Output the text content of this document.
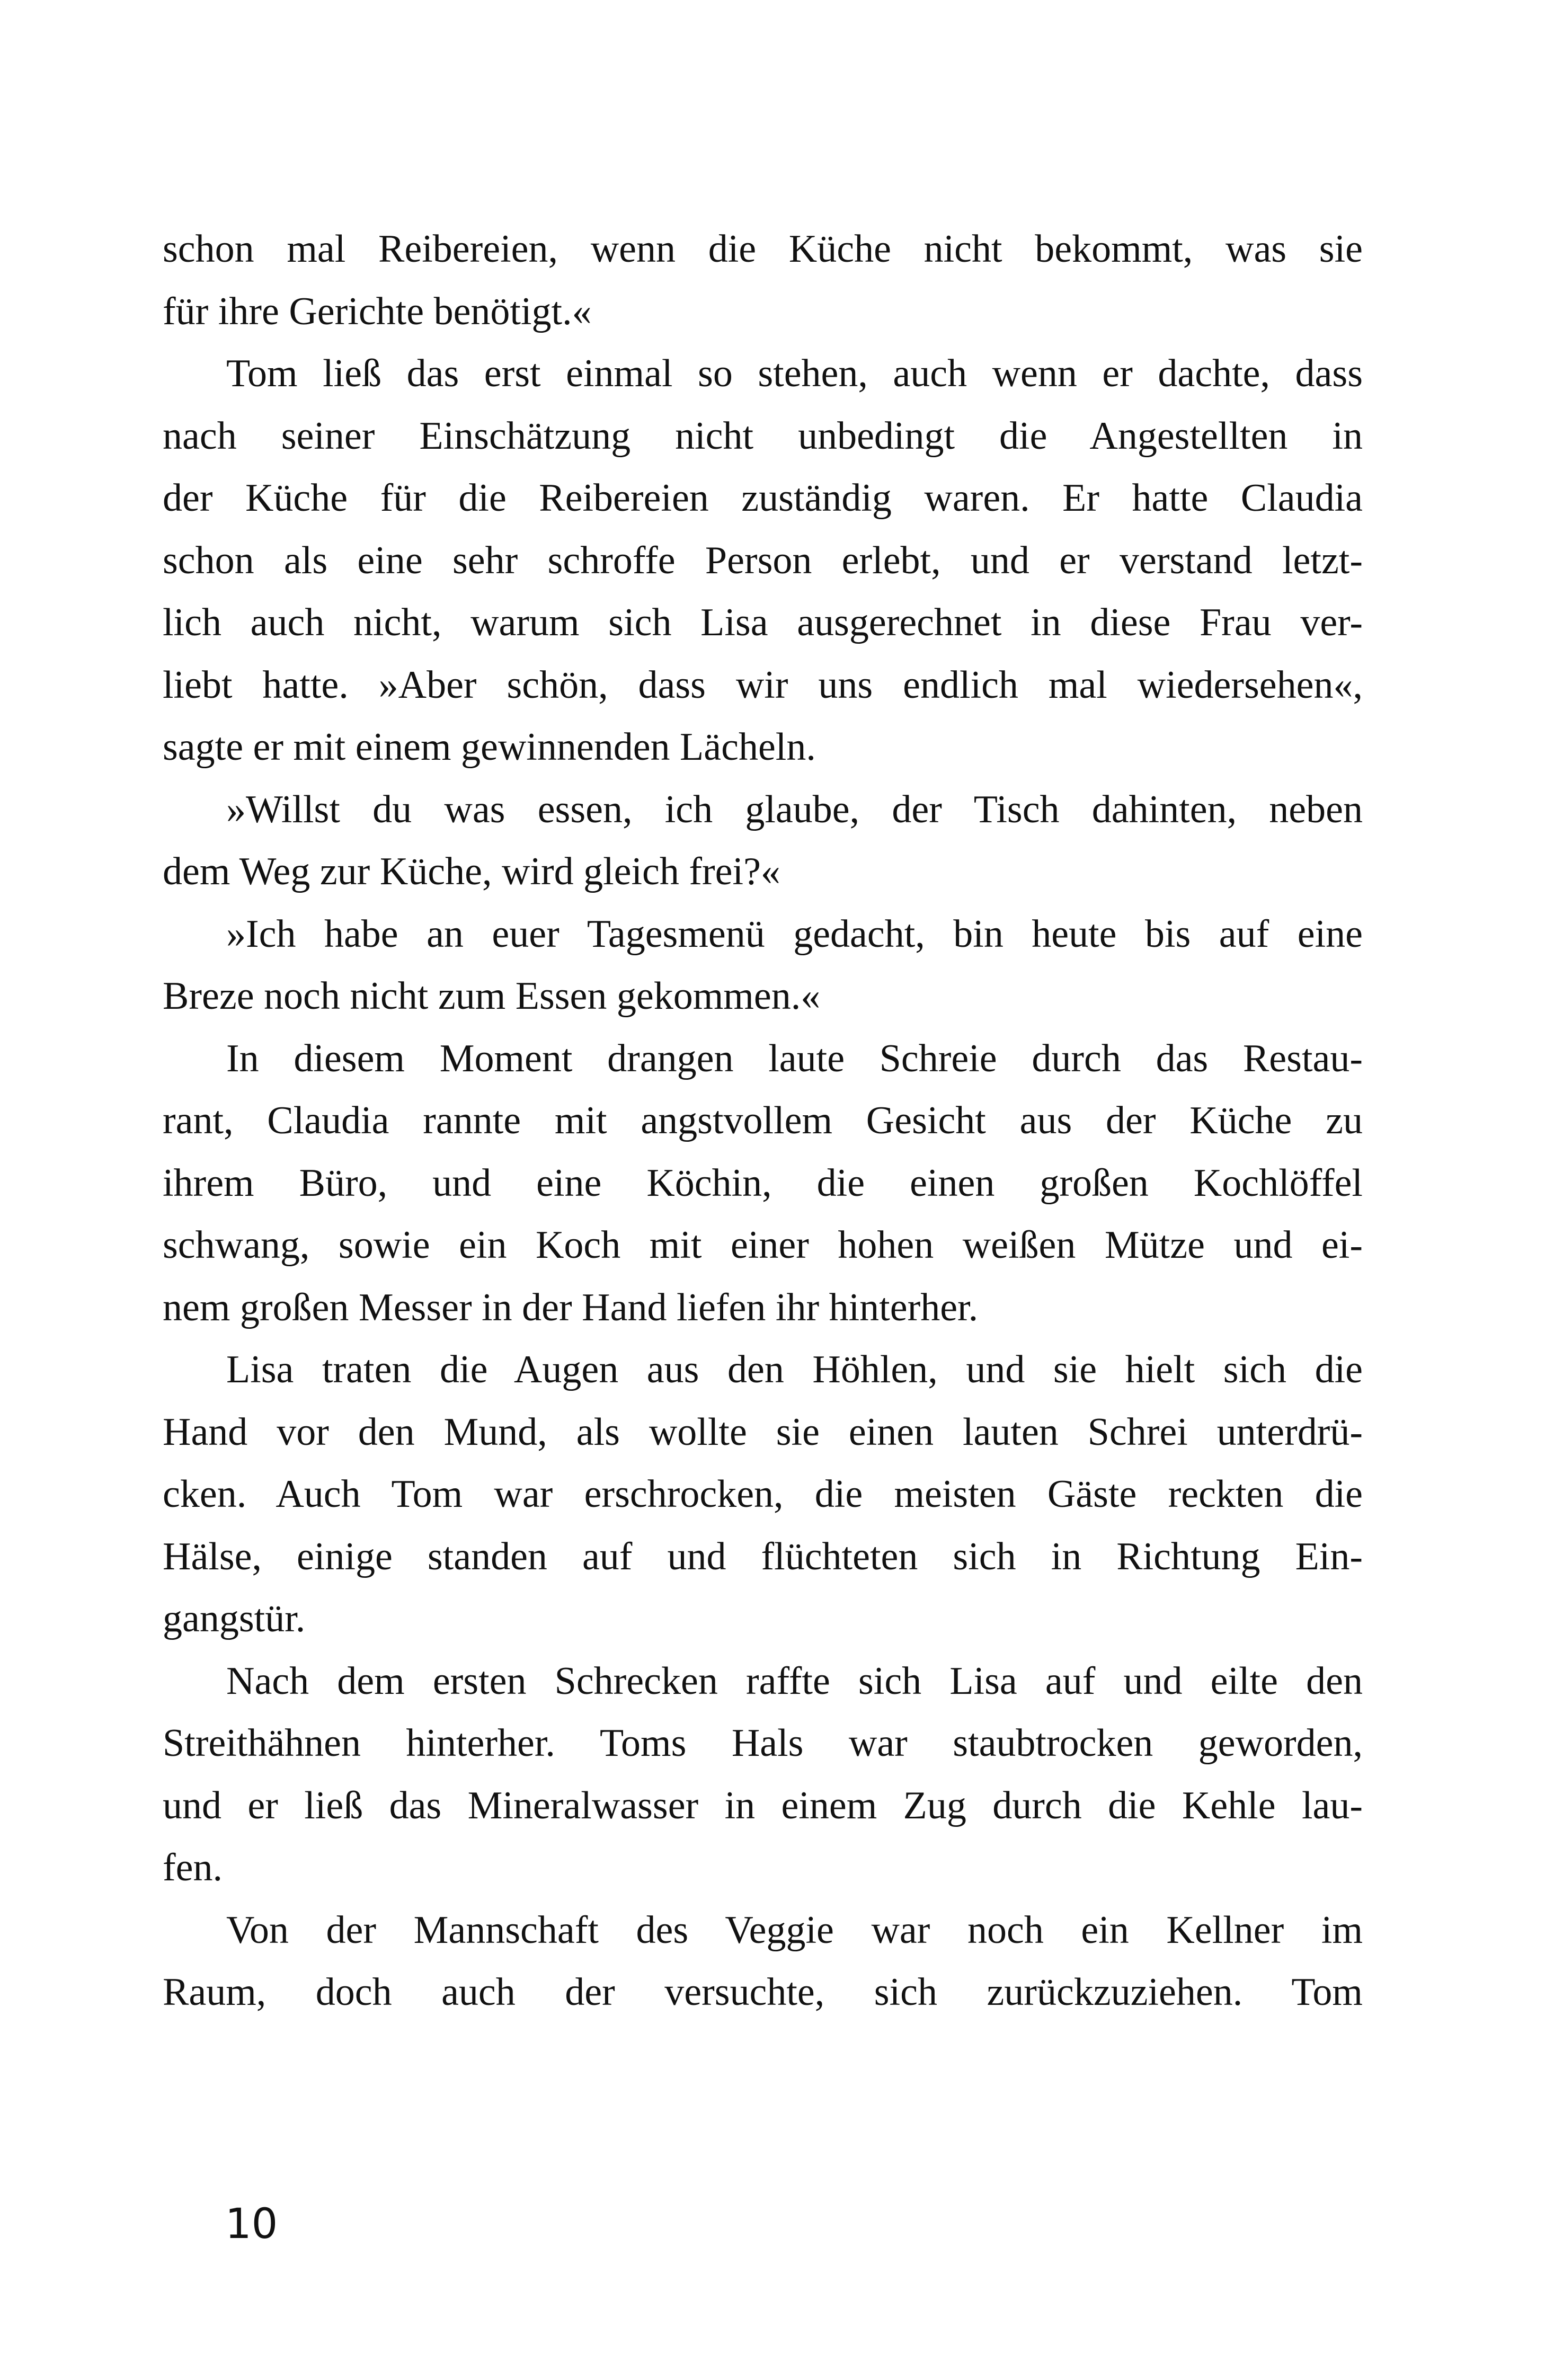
schon mal Reibereien, wenn die Küche nicht bekommt, was sie
für ihre Gerichte benötigt.«
Tom ließ das erst einmal so stehen, auch wenn er dachte, dass
nach seiner Einschätzung nicht unbedingt die Angestellten in
der Küche für die Reibereien zuständig waren. Er hatte Claudia
schon als eine sehr schroffe Person erlebt, und er verstand letzt-
lich auch nicht, warum sich Lisa ausgerechnet in diese Frau ver-
liebt hatte. »Aber schön, dass wir uns endlich mal wiedersehen«,
sagte er mit einem gewinnenden Lächeln.
»Willst du was essen, ich glaube, der Tisch dahinten, neben
dem Weg zur Küche, wird gleich frei?«
»Ich habe an euer Tagesmenü gedacht, bin heute bis auf eine
Breze noch nicht zum Essen gekommen.«
In diesem Moment drangen laute Schreie durch das Restau-
rant, Claudia rannte mit angstvollem Gesicht aus der Küche zu
ihrem Büro, und eine Köchin, die einen großen Kochlöffel
schwang, sowie ein Koch mit einer hohen weißen Mütze und ei-
nem großen Messer in der Hand liefen ihr hinterher.
Lisa traten die Augen aus den Höhlen, und sie hielt sich die
Hand vor den Mund, als wollte sie einen lauten Schrei unterdrü-
cken. Auch Tom war erschrocken, die meisten Gäste reckten die
Hälse, einige standen auf und flüchteten sich in Richtung Ein-
gangstür.
Nach dem ersten Schrecken raffte sich Lisa auf und eilte den
Streithähnen hinterher. Toms Hals war staubtrocken geworden,
und er ließ das Mineralwasser in einem Zug durch die Kehle lau-
fen.
Von der Mannschaft des Veggie war noch ein Kellner im
Raum, doch auch der versuchte, sich zurückzuziehen. Tom
10
